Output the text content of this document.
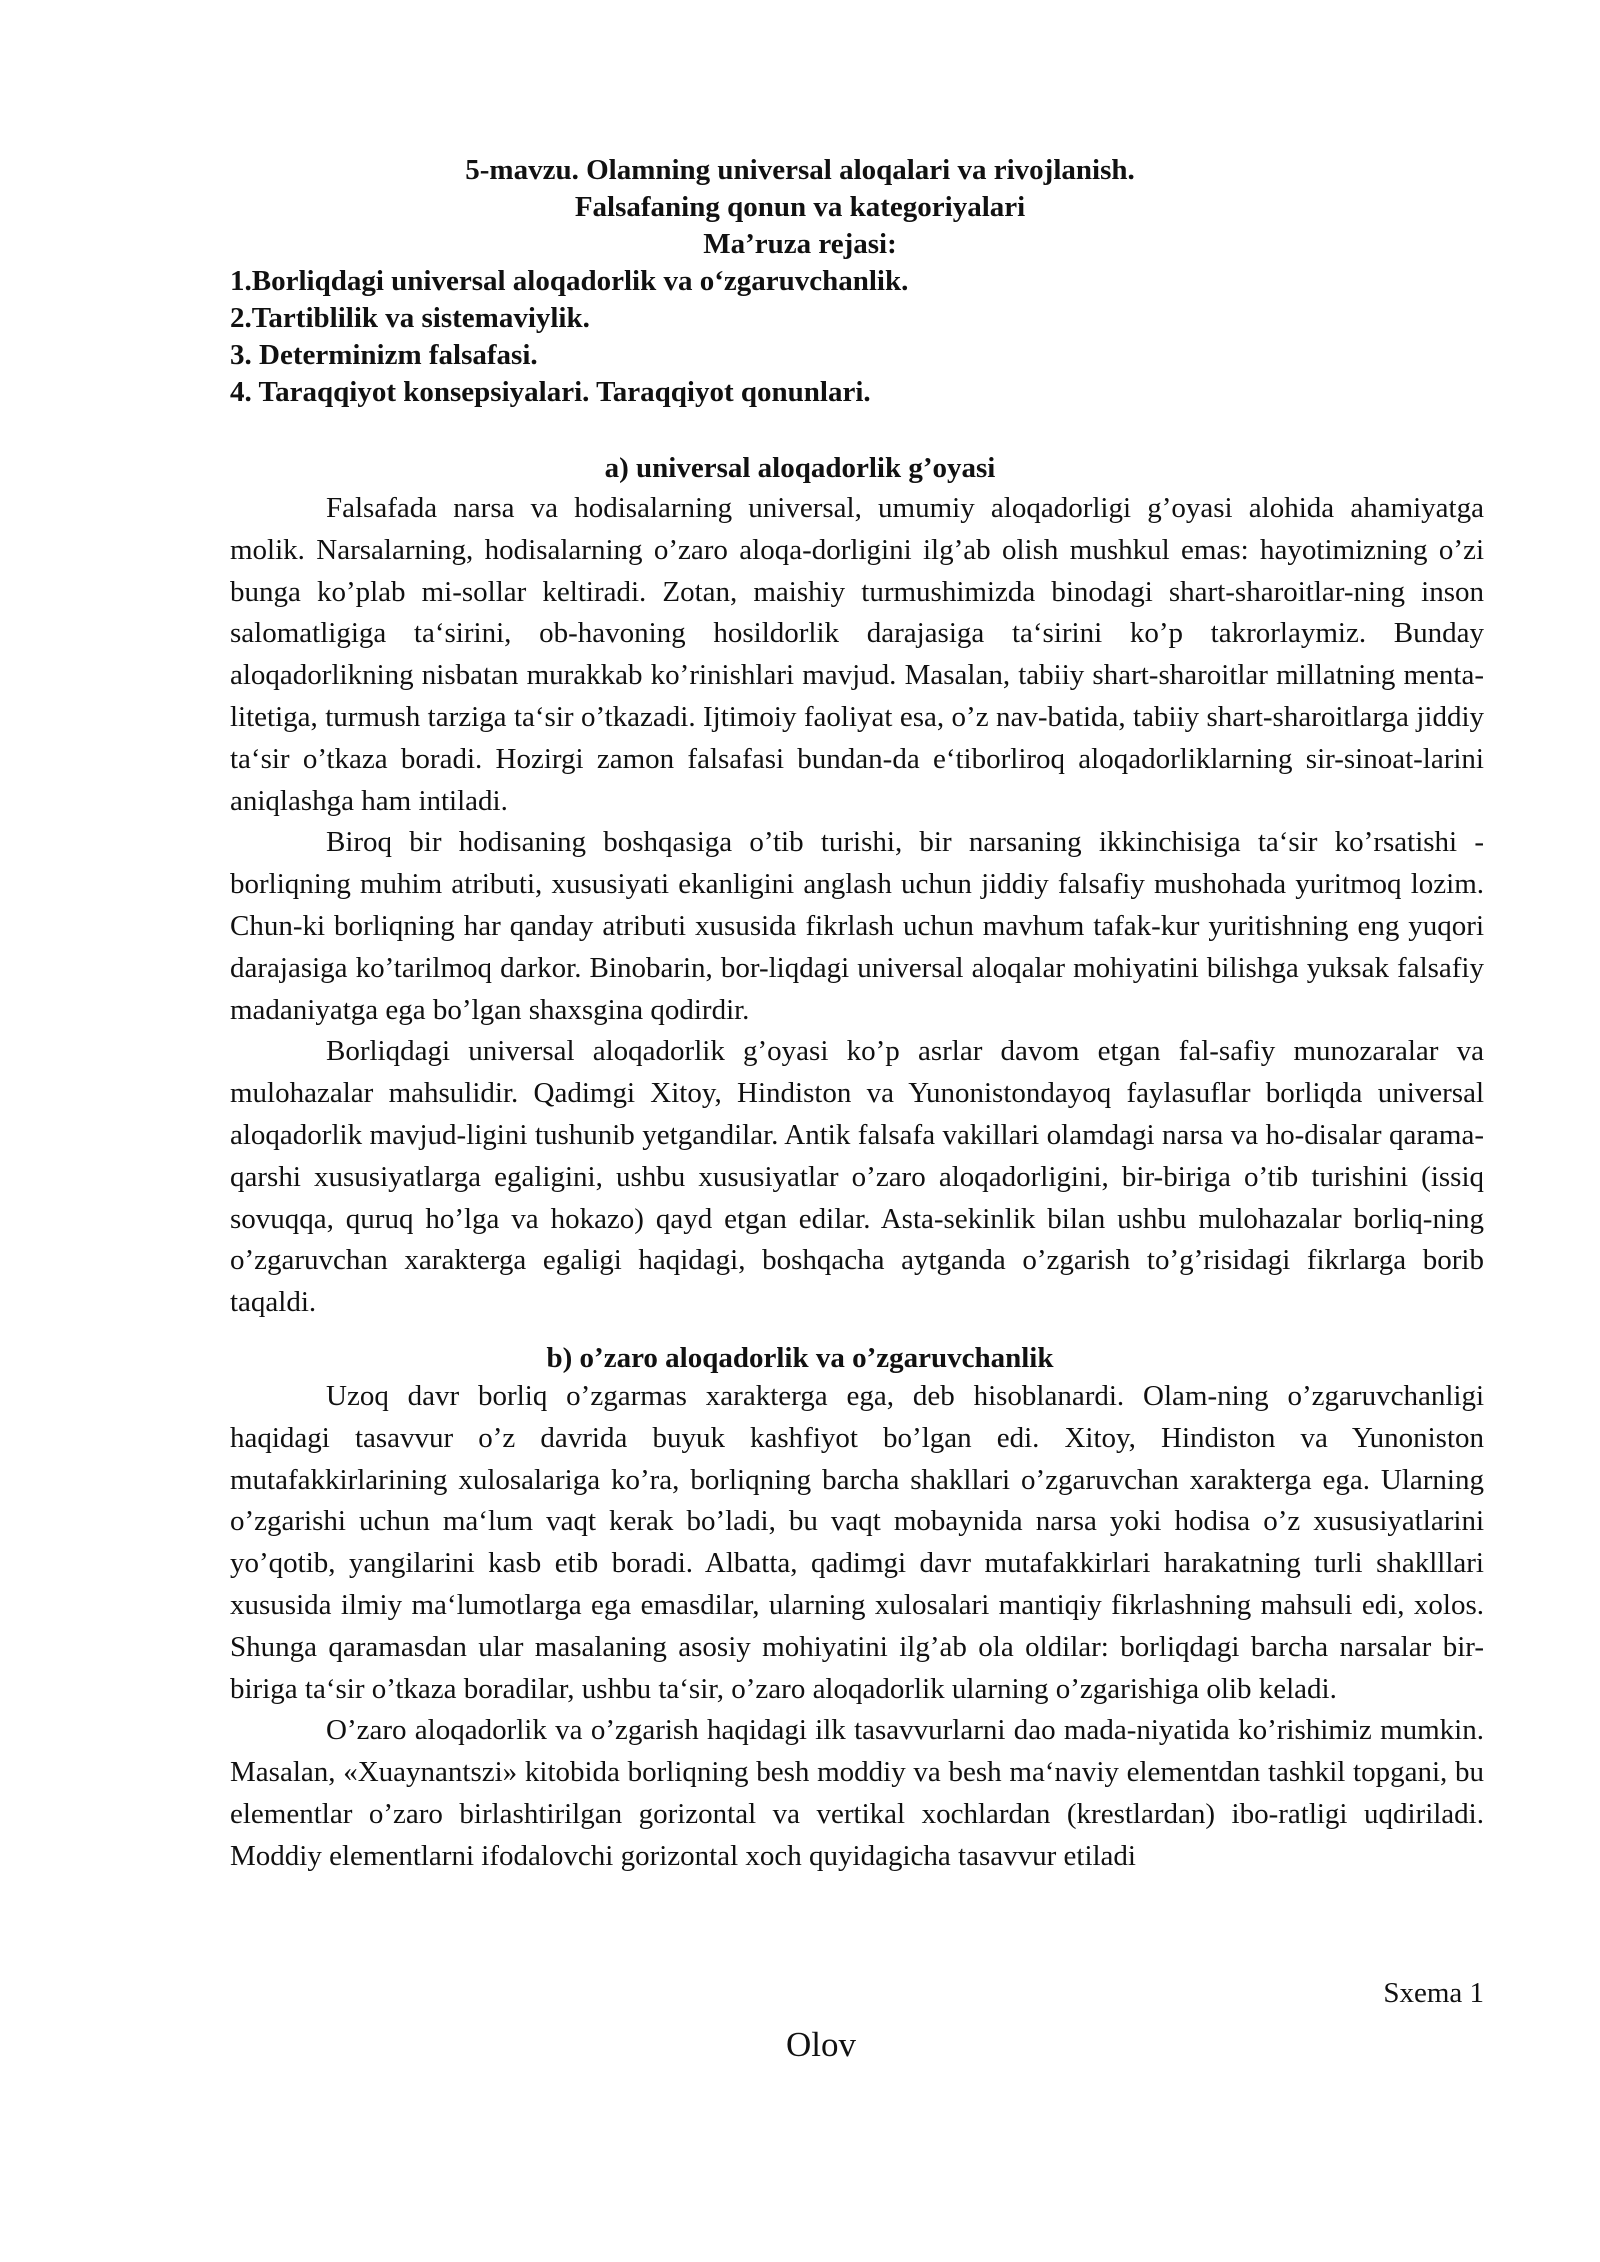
5-mavzu. Olamning universal aloqalari va rivojlanish.
Falsafaning qonun va kategoriyalari
Ma’ruza rejasi:
1.Borliqdagi universal aloqadorlik va o‘zgaruvchanlik.
2.Tartiblilik va sistemaviylik.
3. Determinizm falsafasi.
4. Taraqqiyot konsepsiyalari. Taraqqiyot qonunlari.
a) universal aloqadorlik g’oyasi

Falsafada narsa va hodisalarning universal, umumiy aloqadorligi g’oyasi alohida ahamiyatga molik. Narsalarning, hodisalarning o’zaro aloqa-dorligini ilg’ab olish mushkul emas: hayotimizning o’zi bunga ko’plab mi-sollar keltiradi. Zotan, maishiy turmushimizda binodagi shart-sharoitlar-ning inson salomatligiga ta‘sirini, ob-havoning hosildorlik darajasiga ta‘sirini ko’p takrorlaymiz. Bunday aloqadorlikning nisbatan murakkab ko’rinishlari mavjud. Masalan, tabiiy shart-sharoitlar millatning menta-litetiga, turmush tarziga ta‘sir o’tkazadi. Ijtimoiy faoliyat esa, o’z nav-batida, tabiiy shart-sharoitlarga jiddiy ta‘sir o’tkaza boradi. Hozirgi zamon falsafasi bundan-da e‘tiborliroq aloqadorliklarning sir-sinoat-larini aniqlashga ham intiladi.

Biroq bir hodisaning boshqasiga o’tib turishi, bir narsaning ikkinchisiga ta‘sir ko’rsatishi - borliqning muhim atributi, xususiyati ekanligini anglash uchun jiddiy falsafiy mushohada yuritmoq lozim. Chun-ki borliqning har qanday atributi xususida fikrlash uchun mavhum tafak-kur yuritishning eng yuqori darajasiga ko’tarilmoq darkor. Binobarin, bor-liqdagi universal aloqalar mohiyatini bilishga yuksak falsafiy madaniyatga ega bo’lgan shaxsgina qodirdir.

Borliqdagi universal aloqadorlik g’oyasi ko’p asrlar davom etgan fal-safiy munozaralar va mulohazalar mahsulidir. Qadimgi Xitoy, Hindiston va Yunonistondayoq faylasuflar borliqda universal aloqadorlik mavjud-ligini tushunib yetgandilar. Antik falsafa vakillari olamdagi narsa va ho-disalar qarama-qarshi xususiyatlarga egaligini, ushbu xususiyatlar o’zaro aloqadorligini, bir-biriga o’tib turishini (issiq sovuqqa, quruq ho’lga va hokazo) qayd etgan edilar. Asta-sekinlik bilan ushbu mulohazalar borliq-ning o’zgaruvchan xarakterga egaligi haqidagi, boshqacha aytganda o’zgarish to’g’risidagi fikrlarga borib taqaldi.

b) o’zaro aloqadorlik va o’zgaruvchanlik

Uzoq davr borliq o’zgarmas xarakterga ega, deb hisoblanardi. Olam-ning o’zgaruvchanligi haqidagi tasavvur o’z davrida buyuk kashfiyot bo’lgan edi. Xitoy, Hindiston va Yunoniston mutafakkirlarining xulosalariga ko’ra, borliqning barcha shakllari o’zgaruvchan xarakterga ega. Ularning o’zgarishi uchun ma‘lum vaqt kerak bo’ladi, bu vaqt mobaynida narsa yoki hodisa o’z xususiyatlarini yo’qotib, yangilarini kasb etib boradi. Albatta, qadimgi davr mutafakkirlari harakatning turli shaklllari xususida ilmiy ma‘lumotlarga ega emasdilar, ularning xulosalari mantiqiy fikrlashning mahsuli edi, xolos. Shunga qaramasdan ular masalaning asosiy mohiyatini ilg’ab ola oldilar: borliqdagi barcha narsalar bir-biriga ta‘sir o’tkaza boradilar, ushbu ta‘sir, o’zaro aloqadorlik ularning o’zgarishiga olib keladi.

O’zaro aloqadorlik va o’zgarish haqidagi ilk tasavvurlarni dao mada-niyatida ko’rishimiz mumkin. Masalan, «Xuaynantszi» kitobida borliqning besh moddiy va besh ma‘naviy elementdan tashkil topgani, bu elementlar o’zaro birlashtirilgan gorizontal va vertikal xochlardan (krestlardan) ibo-ratligi uqdiriladi. Moddiy elementlarni ifodalovchi gorizontal xoch quyidagicha tasavvur etiladi

Sxema 1
Olov
